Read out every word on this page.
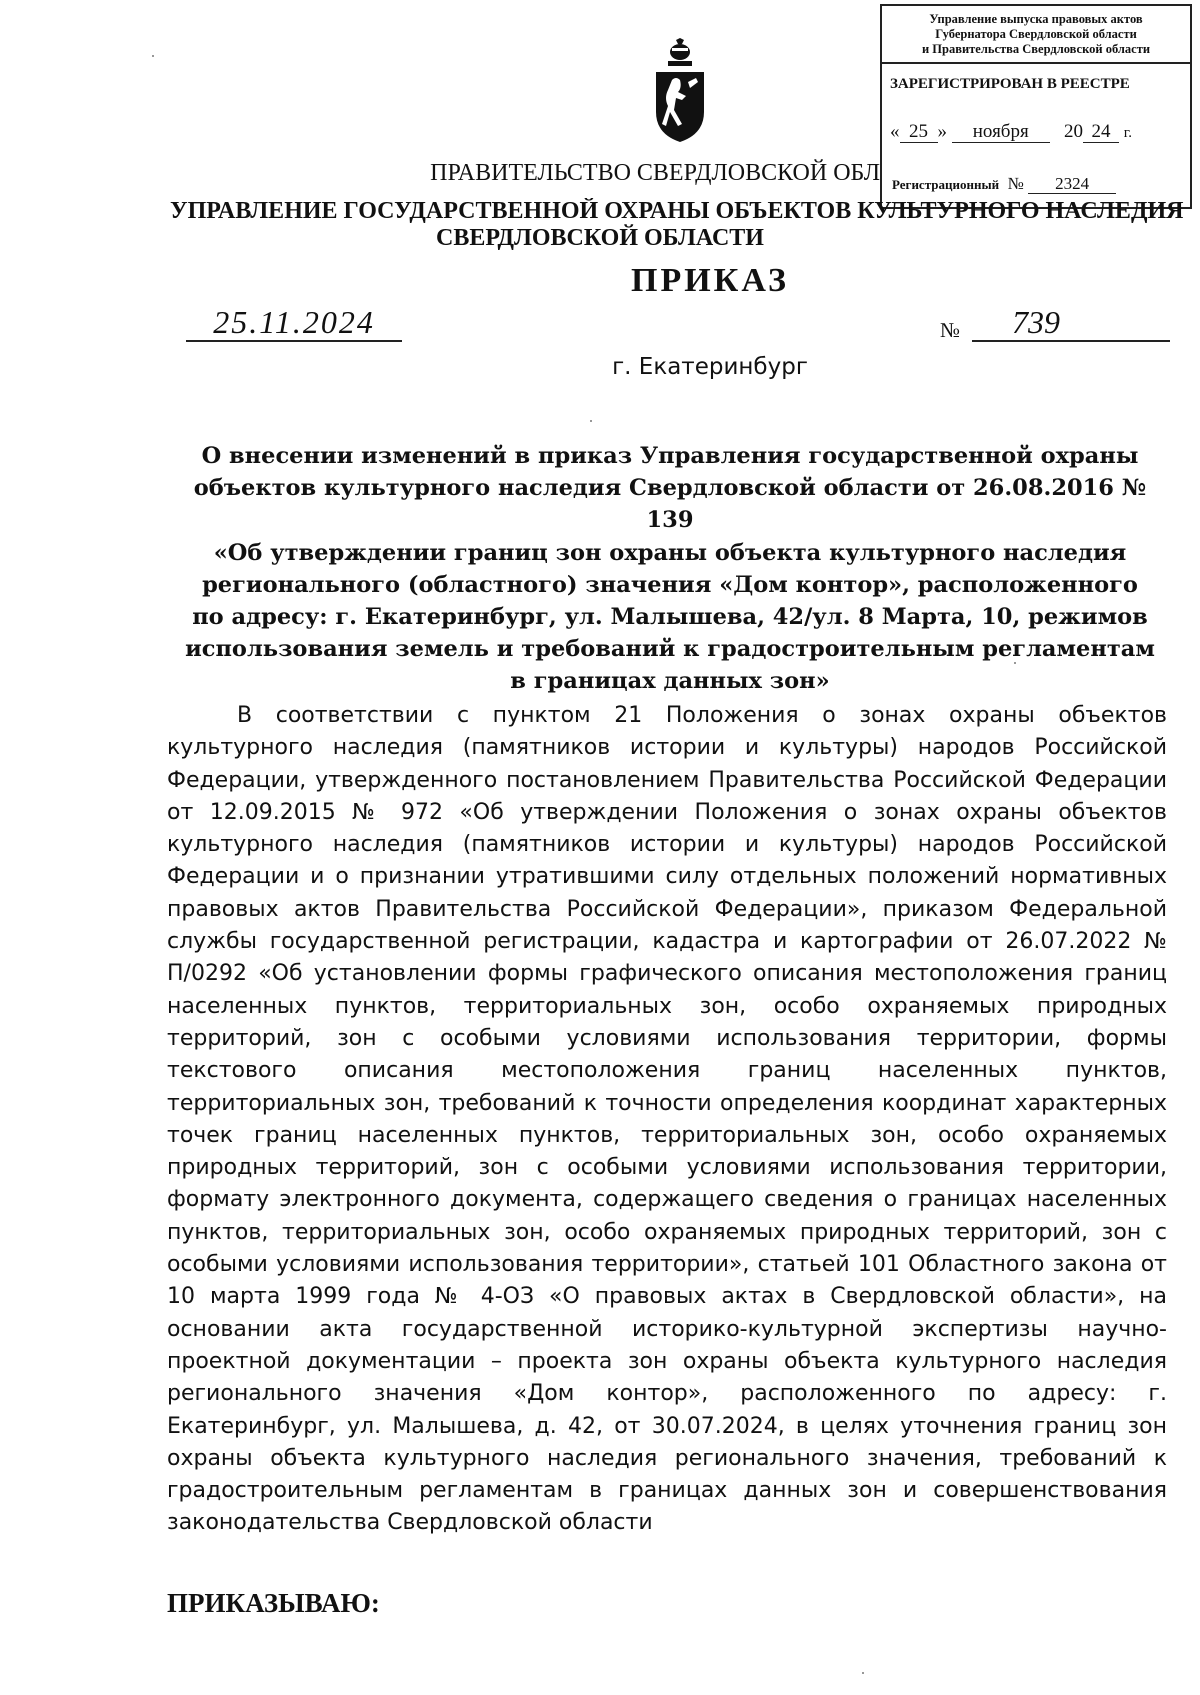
Управление выпуска правовых актов
Губернатора Свердловской области
и Правительства Свердловской области
ЗАРЕГИСТРИРОВАН В РЕЕСТРЕ
« 25 » ноября 20 24 г.
Регистрационный № 2324
ПРАВИТЕЛЬСТВО СВЕРДЛОВСКОЙ ОБЛ
УПРАВЛЕНИЕ ГОСУДАРСТВЕННОЙ ОХРАНЫ ОБЪЕКТОВ КУЛЬТУРНОГО НАСЛЕДИЯ
СВЕРДЛОВСКОЙ ОБЛАСТИ
ПРИКАЗ
25.11.2024	№	739
г. Екатеринбург
О внесении изменений в приказ Управления государственной охраны
объектов культурного наследия Свердловской области от 26.08.2016 № 139
«Об утверждении границ зон охраны объекта культурного наследия
регионального (областного) значения «Дом контор», расположенного
по адресу: г. Екатеринбург, ул. Малышева, 42/ул. 8 Марта, 10, режимов
использования земель и требований к градостроительным регламентам
в границах данных зон»
В соответствии с пунктом 21 Положения о зонах охраны объектов культурного наследия (памятников истории и культуры) народов Российской Федерации, утвержденного постановлением Правительства Российской Федерации от 12.09.2015 № 972 «Об утверждении Положения о зонах охраны объектов культурного наследия (памятников истории и культуры) народов Российской Федерации и о признании утратившими силу отдельных положений нормативных правовых актов Правительства Российской Федерации», приказом Федеральной службы государственной регистрации, кадастра и картографии от 26.07.2022 № П/0292 «Об установлении формы графического описания местоположения границ населенных пунктов, территориальных зон, особо охраняемых природных территорий, зон с особыми условиями использования территории, формы текстового описания местоположения границ населенных пунктов, территориальных зон, требований к точности определения координат характерных точек границ населенных пунктов, территориальных зон, особо охраняемых природных территорий, зон с особыми условиями использования территории, формату электронного документа, содержащего сведения о границах населенных пунктов, территориальных зон, особо охраняемых природных территорий, зон с особыми условиями использования территории», статьей 101 Областного закона от 10 марта 1999 года № 4-ОЗ «О правовых актах в Свердловской области», на основании акта государственной историко-культурной экспертизы научно-проектной документации – проекта зон охраны объекта культурного наследия регионального значения «Дом контор», расположенного по адресу: г. Екатеринбург, ул. Малышева, д. 42, от 30.07.2024, в целях уточнения границ зон охраны объекта культурного наследия регионального значения, требований к градостроительным регламентам в границах данных зон и совершенствования законодательства Свердловской области
ПРИКАЗЫВАЮ:
